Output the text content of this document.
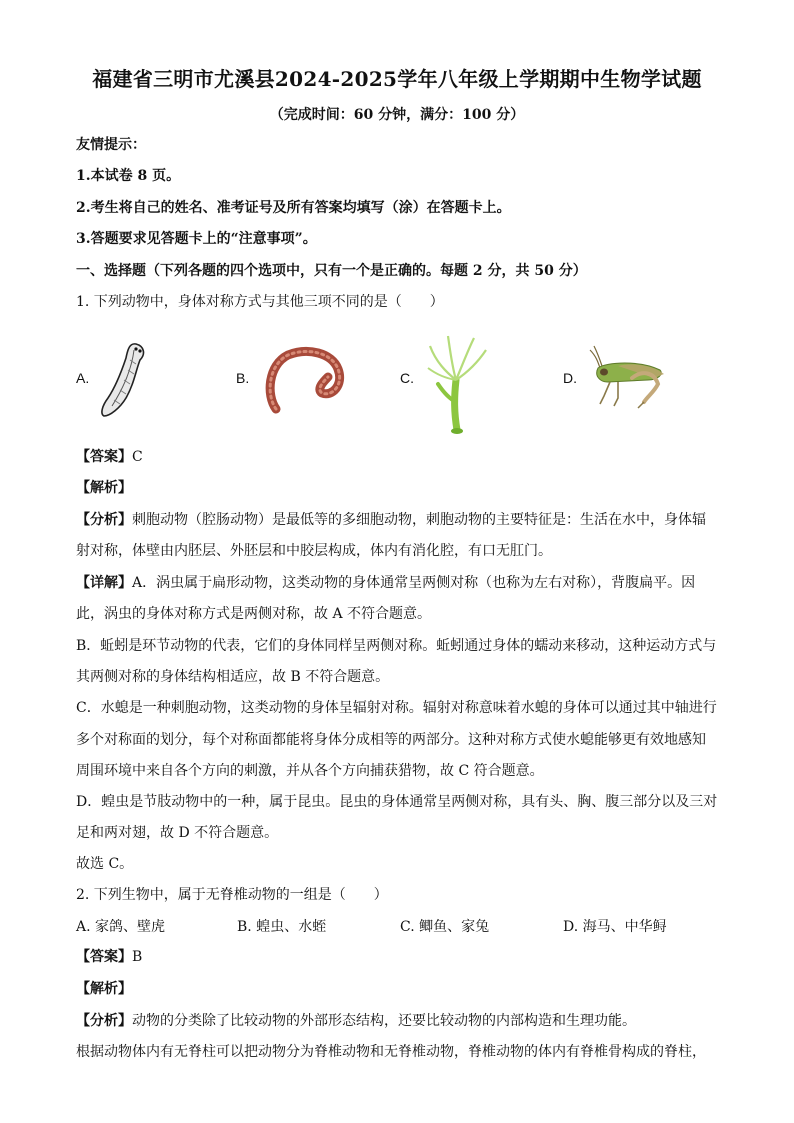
福建省三明市尤溪县2024-2025学年八年级上学期期中生物学试题
（完成时间：60 分钟，满分：100 分）
友情提示：
1.本试卷 8 页。
2.考生将自己的姓名、准考证号及所有答案均填写（涂）在答题卡上。
3.答题要求见答题卡上的“注意事项”。
一、选择题（下列各题的四个选项中，只有一个是正确的。每题 2 分，共 50 分）
1. 下列动物中，身体对称方式与其他三项不同的是（　　）
A.	B.	C.	D.
【答案】C
【解析】
【分析】刺胞动物（腔肠动物）是最低等的多细胞动物，刺胞动物的主要特征是：生活在水中，身体辐
射对称，体壁由内胚层、外胚层和中胶层构成，体内有消化腔，有口无肛门。
【详解】A．涡虫属于扁形动物，这类动物的身体通常呈两侧对称（也称为左右对称），背腹扁平。因
此，涡虫的身体对称方式是两侧对称，故 A 不符合题意。
B．蚯蚓是环节动物的代表，它们的身体同样呈两侧对称。蚯蚓通过身体的蠕动来移动，这种运动方式与
其两侧对称的身体结构相适应，故 B 不符合题意。
C．水螅是一种刺胞动物，这类动物的身体呈辐射对称。辐射对称意味着水螅的身体可以通过其中轴进行
多个对称面的划分，每个对称面都能将身体分成相等的两部分。这种对称方式使水螅能够更有效地感知
周围环境中来自各个方向的刺激，并从各个方向捕获猎物，故 C 符合题意。
D．蝗虫是节肢动物中的一种，属于昆虫。昆虫的身体通常呈两侧对称，具有头、胸、腹三部分以及三对
足和两对翅，故 D 不符合题意。
故选 C。
2. 下列生物中，属于无脊椎动物的一组是（　　）
A. 家鸽、壁虎	B. 蝗虫、水蛭	C. 鲫鱼、家兔	D. 海马、中华鲟
【答案】B
【解析】
【分析】动物的分类除了比较动物的外部形态结构，还要比较动物的内部构造和生理功能。
根据动物体内有无脊柱可以把动物分为脊椎动物和无脊椎动物，脊椎动物的体内有脊椎骨构成的脊柱，
